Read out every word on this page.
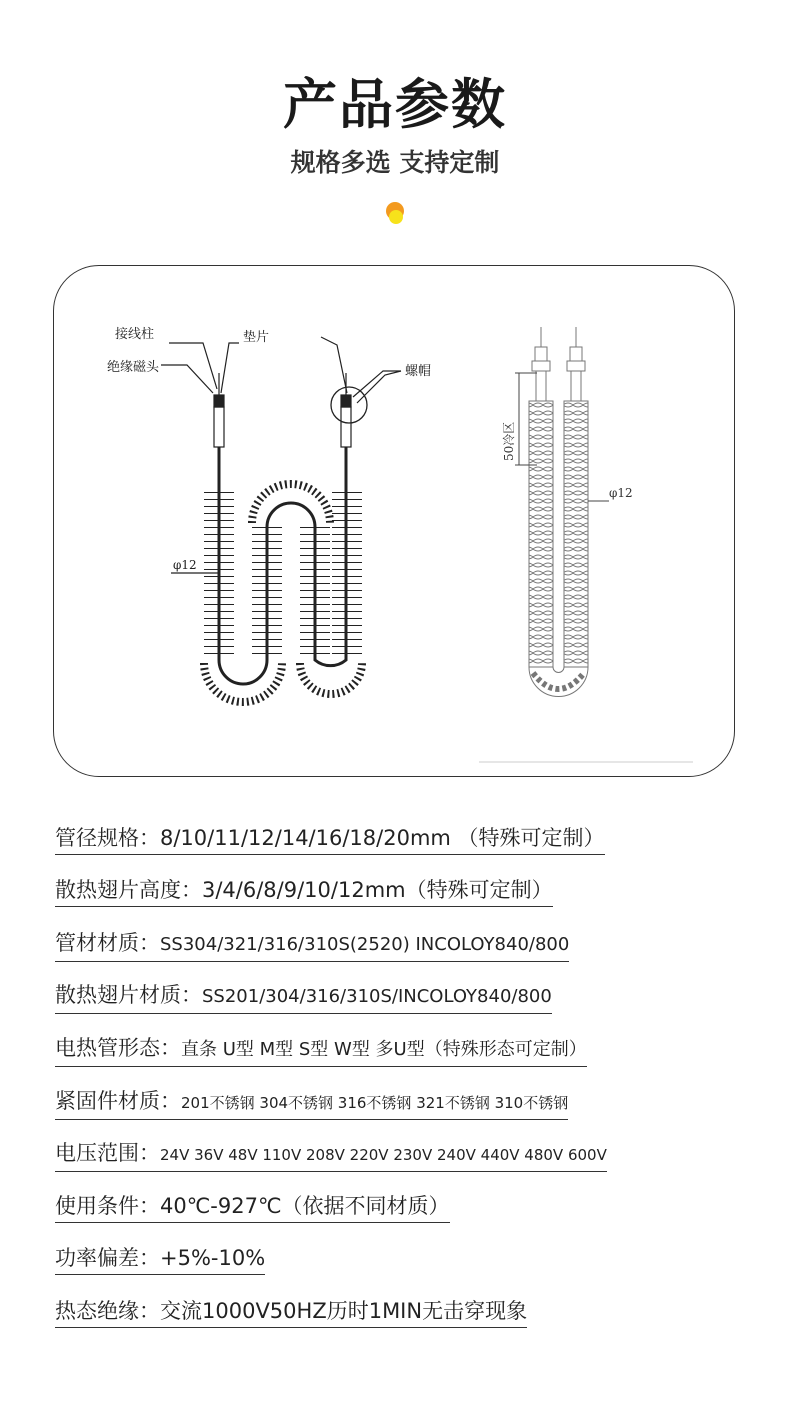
产品参数
规格多选 支持定制
接线柱
绝缘磁头
垫片
螺帽
φ12
50冷区
φ12
管径规格：8/10/11/12/14/16/18/20mm （特殊可定制）
散热翅片高度：3/4/6/8/9/10/12mm（特殊可定制）
管材材质：SS304/321/316/310S(2520) INCOLOY840/800
散热翅片材质：SS201/304/316/310S/INCOLOY840/800
电热管形态：直条 U型 M型 S型 W型 多U型（特殊形态可定制）
紧固件材质：201不锈钢 304不锈钢 316不锈钢 321不锈钢 310不锈钢
电压范围：24V 36V 48V 110V 208V 220V 230V 240V 440V 480V 600V
使用条件：40℃-927℃（依据不同材质）
功率偏差：+5%-10%
热态绝缘：交流1000V50HZ历时1MIN无击穿现象
